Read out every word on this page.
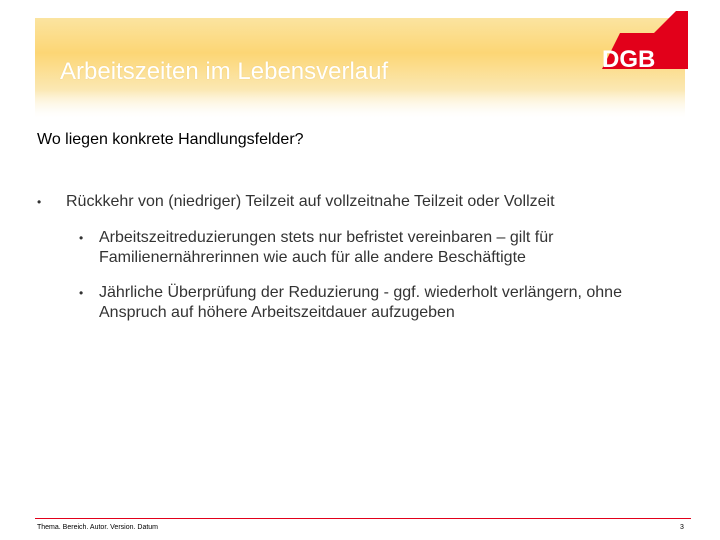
Arbeitszeiten im Lebensverlauf	DGB
Wo liegen konkrete Handlungsfelder?
• Rückkehr von (niedriger) Teilzeit auf vollzeitnahe Teilzeit oder Vollzeit
• Arbeitszeitreduzierungen stets nur befristet vereinbaren – gilt für Familienernährerinnen wie auch für alle andere Beschäftigte
• Jährliche Überprüfung der Reduzierung - ggf. wiederholt verlängern, ohne Anspruch auf höhere Arbeitszeitdauer aufzugeben
Thema. Bereich. Autor. Version. Datum	3
